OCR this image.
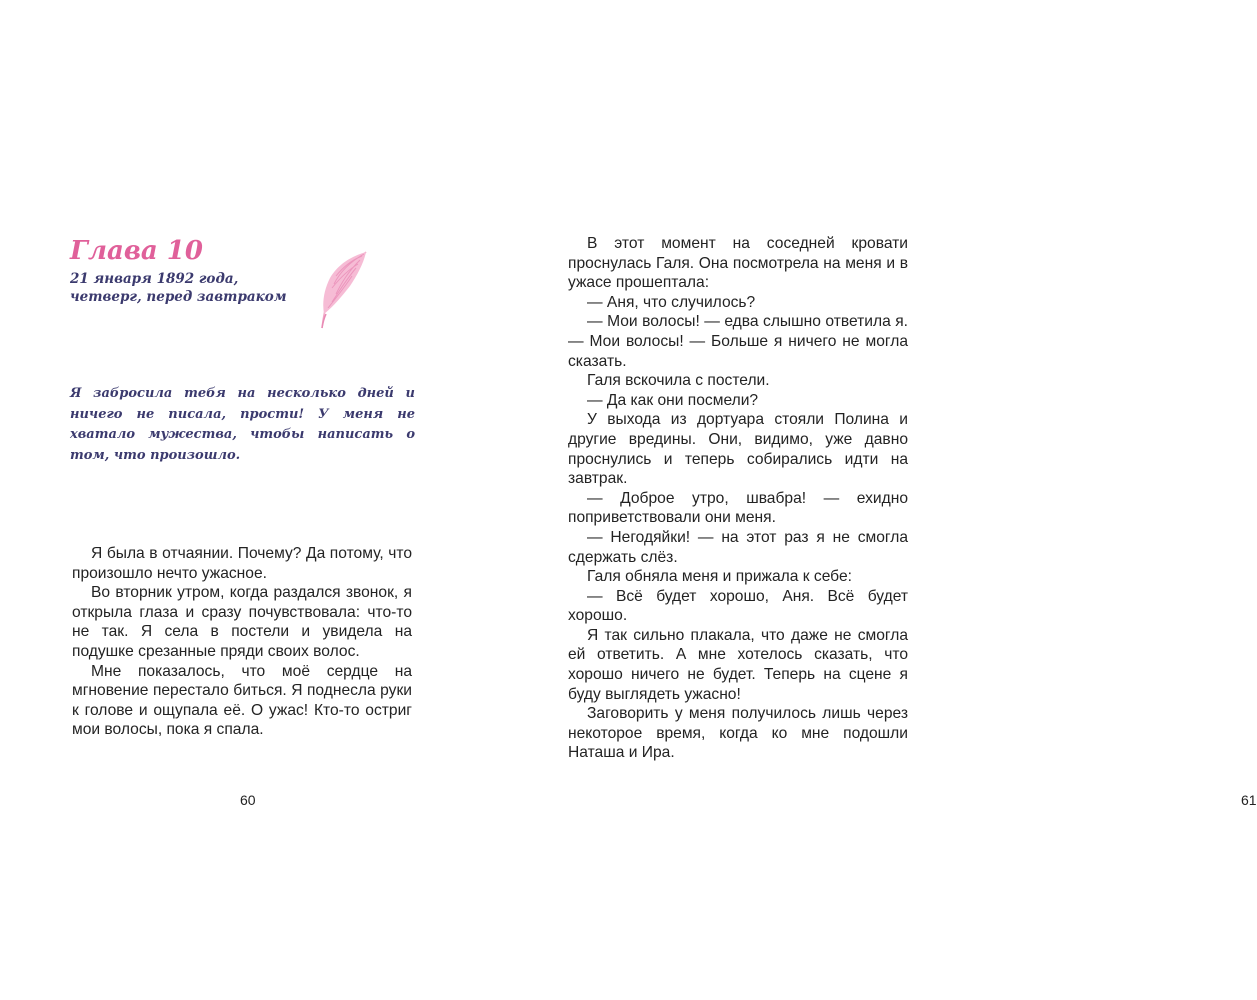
Глава 10
21 января 1892 года, четверг, перед завтраком

Я забросила тебя на несколько дней и ничего не писала, прости! У меня не хватало мужества, чтобы написать о том, что произошло.

Я была в отчаянии. Почему? Да потому, что произошло нечто ужасное.

Во вторник утром, когда раздался звонок, я открыла глаза и сразу почувствовала: что-то не так. Я села в постели и увидела на подушке срезанные пряди своих волос.

Мне показалось, что моё сердце на мгновение перестало биться. Я поднесла руки к голове и ощупала её. О ужас! Кто-то остриг мои волосы, пока я спала.

60	61

В этот момент на соседней кровати проснулась Галя. Она посмотрела на меня и в ужасе прошептала:

— Аня, что случилось?

— Мои волосы! — едва слышно ответила я. — Мои волосы! — Больше я ничего не могла сказать.

Галя вскочила с постели.

— Да как они посмели?

У выхода из дортуара стояли Полина и другие вредины. Они, видимо, уже давно проснулись и теперь собирались идти на завтрак.

— Доброе утро, швабра! — ехидно поприветствовали они меня.

— Негодяйки! — на этот раз я не смогла сдержать слёз.

Галя обняла меня и прижала к себе:

— Всё будет хорошо, Аня. Всё будет хорошо.

Я так сильно плакала, что даже не смогла ей ответить. А мне хотелось сказать, что хорошо ничего не будет. Теперь на сцене я буду выглядеть ужасно!

Заговорить у меня получилось лишь через некоторое время, когда ко мне подошли Наташа и Ира.
